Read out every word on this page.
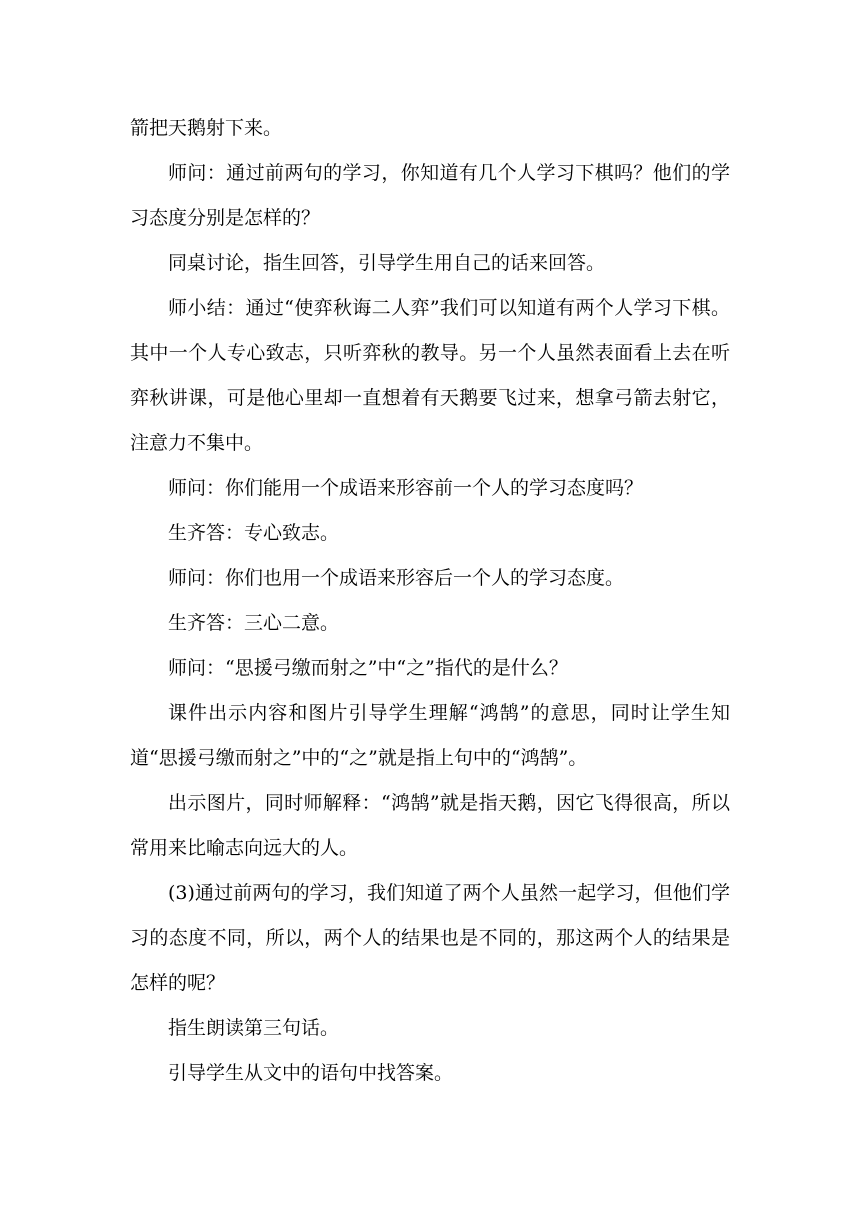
箭把天鹅射下来。

师问：通过前两句的学习，你知道有几个人学习下棋吗？他们的学习态度分别是怎样的？

同桌讨论，指生回答，引导学生用自己的话来回答。

师小结：通过“使弈秋诲二人弈”我们可以知道有两个人学习下棋。其中一个人专心致志，只听弈秋的教导。另一个人虽然表面看上去在听弈秋讲课，可是他心里却一直想着有天鹅要飞过来，想拿弓箭去射它，注意力不集中。

师问：你们能用一个成语来形容前一个人的学习态度吗？

生齐答：专心致志。

师问：你们也用一个成语来形容后一个人的学习态度。

生齐答：三心二意。

师问：“思援弓缴而射之”中“之”指代的是什么？

课件出示内容和图片引导学生理解“鸿鹄”的意思，同时让学生知道“思援弓缴而射之”中的“之”就是指上句中的“鸿鹄”。

出示图片，同时师解释：“鸿鹄”就是指天鹅，因它飞得很高，所以常用来比喻志向远大的人。

(3)通过前两句的学习，我们知道了两个人虽然一起学习，但他们学习的态度不同，所以，两个人的结果也是不同的，那这两个人的结果是怎样的呢？

指生朗读第三句话。

引导学生从文中的语句中找答案。
